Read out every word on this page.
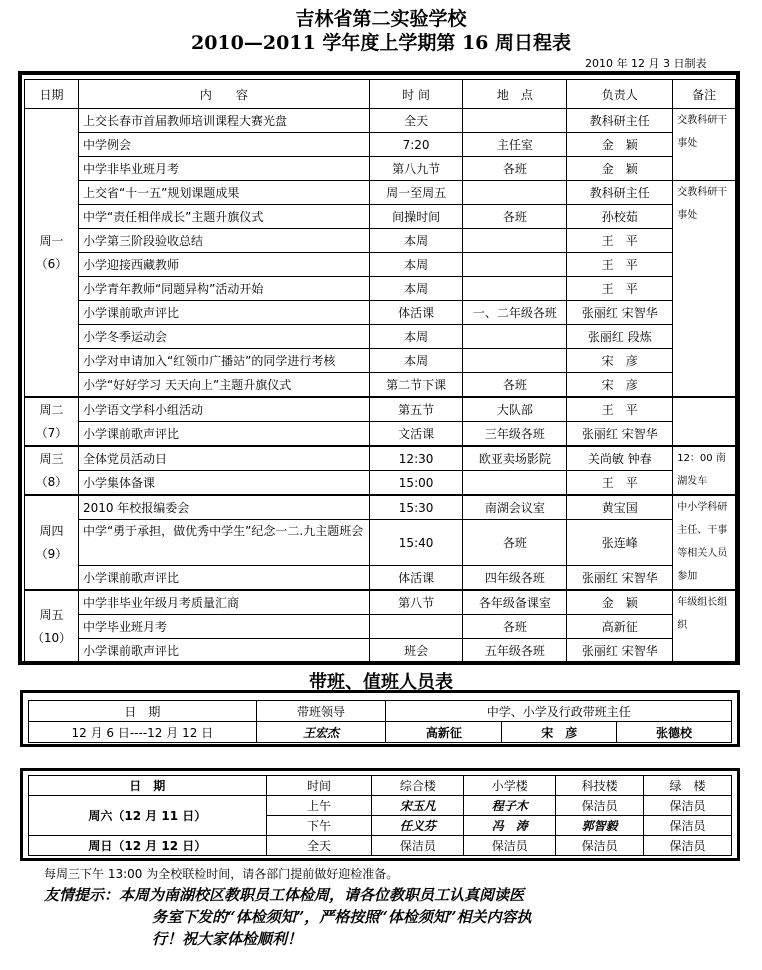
吉林省第二实验学校
2010—2011 学年度上学期第 16 周日程表
2010 年 12 月 3 日制表
日期	内　　容	时 间	地　点	负责人	备注

周一
（6）	上交长春市首届教师培训课程大赛光盘	全天		教科研主任	交教科研干事处
	中学例会	7:20	主任室	金　颖	
	中学非毕业班月考	第八九节	各班	金　颖	
	上交省“十一五”规划课题成果	周一至周五		教科研主任	交教科研干事处
	中学“责任相伴成长”主题升旗仪式	间操时间	各班	孙校茹	
	小学第三阶段验收总结	本周		王　平	
	小学迎接西藏教师	本周		王　平	
	小学青年教师“同题异构”活动开始	本周		王　平	
	小学课前歌声评比	体活课	一、二年级各班	张丽红 宋智华	
	小学冬季运动会	本周		张丽红 段炼	
	小学对申请加入“红领巾广播站”的同学进行考核	本周		宋　彦	
	小学“好好学习 天天向上”主题升旗仪式	第二节下课	各班	宋　彦	

周二
（7）	小学语文学科小组活动	第五节	大队部	王　平	
	小学课前歌声评比	文活课	三年级各班	张丽红 宋智华	

周三
（8）	全体党员活动日	12:30	欧亚卖场影院	关尚敏 钟春	12：00 南湖发车
	小学集体备课	15:00		王　平	

周四
（9）	2010 年校报编委会	15:30	南湖会议室	黄宝国	中小学科研主任、干事等相关人员参加
	中学“勇于承担，做优秀中学生”纪念一二.九主题班会	15:40	各班	张连峰	
	小学课前歌声评比	体活课	四年级各班	张丽红 宋智华	

周五
（10）	中学非毕业年级月考质量汇商	第八节	各年级备课室	金　颖	年级组长组织
	中学毕业班月考		各班	高新征	
	小学课前歌声评比	班会	五年级各班	张丽红 宋智华	
带班、值班人员表
日　期	带班领导	中学、小学及行政带班主任		
12 月 6 日----12 月 12 日	王宏杰	高新征	宋　彦	张德校
日　期	时间	综合楼	小学楼	科技楼	绿　楼
周六（12 月 11 日）	上午	宋玉凡	程子木	保洁员	保洁员
	下午	任义芬	冯　涛	郭智毅	保洁员
周日（12 月 12 日）	全天	保洁员	保洁员	保洁员	保洁员
每周三下午 13:00 为全校联检时间，请各部门提前做好迎检准备。
友情提示：本周为南湖校区教职员工体检周，请各位教职员工认真阅读医
务室下发的“体检须知”，严格按照“体检须知”相关内容执
行！祝大家体检顺利！
